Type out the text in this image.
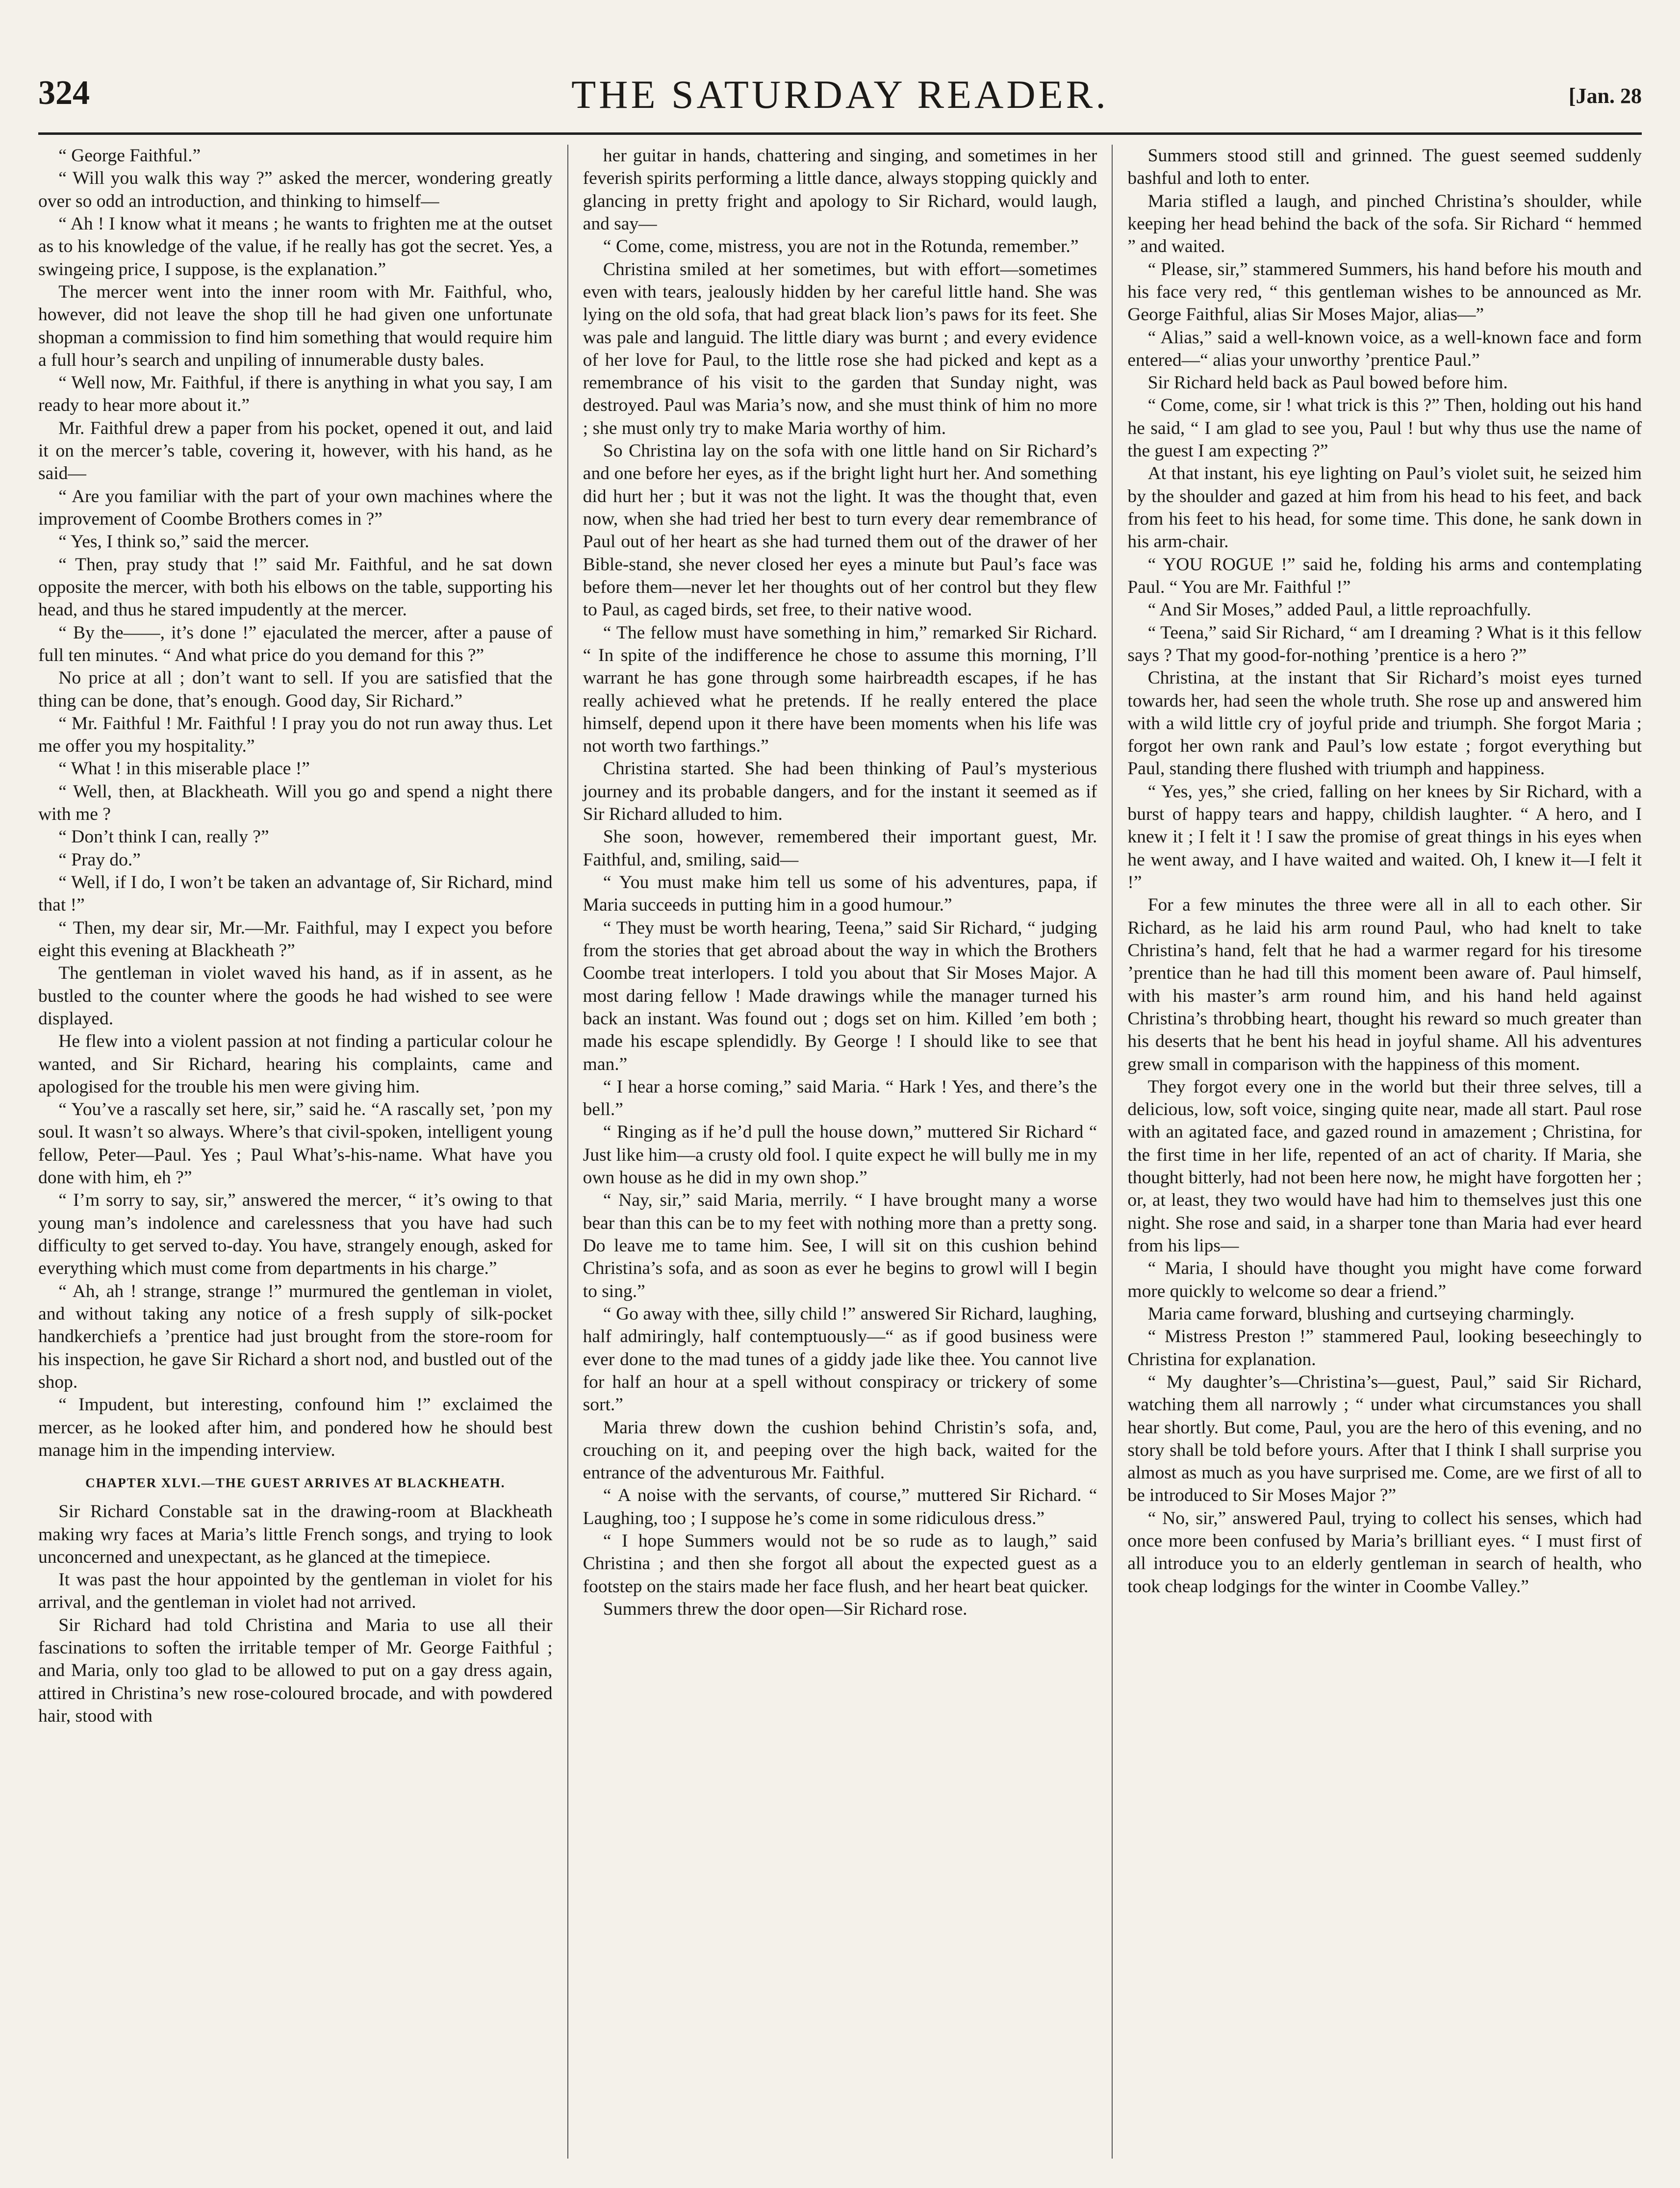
324	THE SATURDAY READER.	[Jan. 28

“ George Faithful.”

“ Will you walk this way ?” asked the mercer, wondering greatly over so odd an introduction, and thinking to himself—

“ Ah ! I know what it means ; he wants to frighten me at the outset as to his knowledge of the value, if he really has got the secret. Yes, a swingeing price, I suppose, is the explanation.”

The mercer went into the inner room with Mr. Faithful, who, however, did not leave the shop till he had given one unfortunate shopman a commission to find him something that would require him a full hour’s search and unpiling of innumerable dusty bales.

“ Well now, Mr. Faithful, if there is anything in what you say, I am ready to hear more about it.”

Mr. Faithful drew a paper from his pocket, opened it out, and laid it on the mercer’s table, covering it, however, with his hand, as he said—

“ Are you familiar with the part of your own machines where the improvement of Coombe Brothers comes in ?”

“ Yes, I think so,” said the mercer.

“ Then, pray study that !” said Mr. Faithful, and he sat down opposite the mercer, with both his elbows on the table, supporting his head, and thus he stared impudently at the mercer.

“ By the——, it’s done !” ejaculated the mercer, after a pause of full ten minutes. “ And what price do you demand for this ?”

No price at all ; don’t want to sell. If you are satisfied that the thing can be done, that’s enough. Good day, Sir Richard.”

“ Mr. Faithful ! Mr. Faithful ! I pray you do not run away thus. Let me offer you my hospitality.”

“ What ! in this miserable place !”

“ Well, then, at Blackheath. Will you go and spend a night there with me ?

“ Don’t think I can, really ?”

“ Pray do.”

“ Well, if I do, I won’t be taken an advantage of, Sir Richard, mind that !”

“ Then, my dear sir, Mr.—Mr. Faithful, may I expect you before eight this evening at Blackheath ?”

The gentleman in violet waved his hand, as if in assent, as he bustled to the counter where the goods he had wished to see were displayed.

He flew into a violent passion at not finding a particular colour he wanted, and Sir Richard, hearing his complaints, came and apologised for the trouble his men were giving him.

“ You’ve a rascally set here, sir,” said he. “A rascally set, ’pon my soul. It wasn’t so always. Where’s that civil-spoken, intelligent young fellow, Peter—Paul. Yes ; Paul What’s-his-name. What have you done with him, eh ?”

“ I’m sorry to say, sir,” answered the mercer, “ it’s owing to that young man’s indolence and carelessness that you have had such difficulty to get served to-day. You have, strangely enough, asked for everything which must come from departments in his charge.”

“ Ah, ah ! strange, strange !” murmured the gentleman in violet, and without taking any notice of a fresh supply of silk-pocket handkerchiefs a ’prentice had just brought from the store-room for his inspection, he gave Sir Richard a short nod, and bustled out of the shop.

“ Impudent, but interesting, confound him !” exclaimed the mercer, as he looked after him, and pondered how he should best manage him in the impending interview.

CHAPTER XLVI.—THE GUEST ARRIVES AT BLACKHEATH.

Sir Richard Constable sat in the drawing-room at Blackheath making wry faces at Maria’s little French songs, and trying to look unconcerned and unexpectant, as he glanced at the timepiece.

It was past the hour appointed by the gentleman in violet for his arrival, and the gentleman in violet had not arrived.

Sir Richard had told Christina and Maria to use all their fascinations to soften the irritable temper of Mr. George Faithful ; and Maria, only too glad to be allowed to put on a gay dress again, attired in Christina’s new rose-coloured brocade, and with powdered hair, stood with

her guitar in hands, chattering and singing, and sometimes in her feverish spirits performing a little dance, always stopping quickly and glancing in pretty fright and apology to Sir Richard, would laugh, and say—

“ Come, come, mistress, you are not in the Rotunda, remember.”

Christina smiled at her sometimes, but with effort—sometimes even with tears, jealously hidden by her careful little hand. She was lying on the old sofa, that had great black lion’s paws for its feet. She was pale and languid. The little diary was burnt ; and every evidence of her love for Paul, to the little rose she had picked and kept as a remembrance of his visit to the garden that Sunday night, was destroyed. Paul was Maria’s now, and she must think of him no more ; she must only try to make Maria worthy of him.

So Christina lay on the sofa with one little hand on Sir Richard’s and one before her eyes, as if the bright light hurt her. And something did hurt her ; but it was not the light. It was the thought that, even now, when she had tried her best to turn every dear remembrance of Paul out of her heart as she had turned them out of the drawer of her Bible-stand, she never closed her eyes a minute but Paul’s face was before them—never let her thoughts out of her control but they flew to Paul, as caged birds, set free, to their native wood.

“ The fellow must have something in him,” remarked Sir Richard. “ In spite of the indifference he chose to assume this morning, I’ll warrant he has gone through some hairbreadth escapes, if he has really achieved what he pretends. If he really entered the place himself, depend upon it there have been moments when his life was not worth two farthings.”

Christina started. She had been thinking of Paul’s mysterious journey and its probable dangers, and for the instant it seemed as if Sir Richard alluded to him.

She soon, however, remembered their important guest, Mr. Faithful, and, smiling, said—

“ You must make him tell us some of his adventures, papa, if Maria succeeds in putting him in a good humour.”

“ They must be worth hearing, Teena,” said Sir Richard, “ judging from the stories that get abroad about the way in which the Brothers Coombe treat interlopers. I told you about that Sir Moses Major. A most daring fellow ! Made drawings while the manager turned his back an instant. Was found out ; dogs set on him. Killed ’em both ; made his escape splendidly. By George ! I should like to see that man.”

“ I hear a horse coming,” said Maria. “ Hark ! Yes, and there’s the bell.”

“ Ringing as if he’d pull the house down,” muttered Sir Richard “ Just like him—a crusty old fool. I quite expect he will bully me in my own house as he did in my own shop.”

“ Nay, sir,” said Maria, merrily. “ I have brought many a worse bear than this can be to my feet with nothing more than a pretty song. Do leave me to tame him. See, I will sit on this cushion behind Christina’s sofa, and as soon as ever he begins to growl will I begin to sing.”

“ Go away with thee, silly child !” answered Sir Richard, laughing, half admiringly, half contemptuously—“ as if good business were ever done to the mad tunes of a giddy jade like thee. You cannot live for half an hour at a spell without conspiracy or trickery of some sort.”

Maria threw down the cushion behind Christin’s sofa, and, crouching on it, and peeping over the high back, waited for the entrance of the adventurous Mr. Faithful.

“ A noise with the servants, of course,” muttered Sir Richard. “ Laughing, too ; I suppose he’s come in some ridiculous dress.”

“ I hope Summers would not be so rude as to laugh,” said Christina ; and then she forgot all about the expected guest as a footstep on the stairs made her face flush, and her heart beat quicker.

Summers threw the door open—Sir Richard rose.

Summers stood still and grinned. The guest seemed suddenly bashful and loth to enter.

Maria stifled a laugh, and pinched Christina’s shoulder, while keeping her head behind the back of the sofa. Sir Richard “ hemmed ” and waited.

“ Please, sir,” stammered Summers, his hand before his mouth and his face very red, “ this gentleman wishes to be announced as Mr. George Faithful, alias Sir Moses Major, alias—”

“ Alias,” said a well-known voice, as a well-known face and form entered—“ alias your unworthy ’prentice Paul.”

Sir Richard held back as Paul bowed before him.

“ Come, come, sir ! what trick is this ?” Then, holding out his hand he said, “ I am glad to see you, Paul ! but why thus use the name of the guest I am expecting ?”

At that instant, his eye lighting on Paul’s violet suit, he seized him by the shoulder and gazed at him from his head to his feet, and back from his feet to his head, for some time. This done, he sank down in his arm-chair.

“ YOU ROGUE !” said he, folding his arms and contemplating Paul. “ You are Mr. Faithful !”

“ And Sir Moses,” added Paul, a little reproachfully.

“ Teena,” said Sir Richard, “ am I dreaming ? What is it this fellow says ? That my good-for-nothing ’prentice is a hero ?”

Christina, at the instant that Sir Richard’s moist eyes turned towards her, had seen the whole truth. She rose up and answered him with a wild little cry of joyful pride and triumph. She forgot Maria ; forgot her own rank and Paul’s low estate ; forgot everything but Paul, standing there flushed with triumph and happiness.

“ Yes, yes,” she cried, falling on her knees by Sir Richard, with a burst of happy tears and happy, childish laughter. “ A hero, and I knew it ; I felt it ! I saw the promise of great things in his eyes when he went away, and I have waited and waited. Oh, I knew it—I felt it !”

For a few minutes the three were all in all to each other. Sir Richard, as he laid his arm round Paul, who had knelt to take Christina’s hand, felt that he had a warmer regard for his tiresome ’prentice than he had till this moment been aware of. Paul himself, with his master’s arm round him, and his hand held against Christina’s throbbing heart, thought his reward so much greater than his deserts that he bent his head in joyful shame. All his adventures grew small in comparison with the happiness of this moment.

They forgot every one in the world but their three selves, till a delicious, low, soft voice, singing quite near, made all start. Paul rose with an agitated face, and gazed round in amazement ; Christina, for the first time in her life, repented of an act of charity. If Maria, she thought bitterly, had not been here now, he might have forgotten her ; or, at least, they two would have had him to themselves just this one night. She rose and said, in a sharper tone than Maria had ever heard from his lips—

“ Maria, I should have thought you might have come forward more quickly to welcome so dear a friend.”

Maria came forward, blushing and curtseying charmingly.

“ Mistress Preston !” stammered Paul, looking beseechingly to Christina for explanation.

“ My daughter’s—Christina’s—guest, Paul,” said Sir Richard, watching them all narrowly ; “ under what circumstances you shall hear shortly. But come, Paul, you are the hero of this evening, and no story shall be told before yours. After that I think I shall surprise you almost as much as you have surprised me. Come, are we first of all to be introduced to Sir Moses Major ?”

“ No, sir,” answered Paul, trying to collect his senses, which had once more been confused by Maria’s brilliant eyes. “ I must first of all introduce you to an elderly gentleman in search of health, who took cheap lodgings for the winter in Coombe Valley.”
